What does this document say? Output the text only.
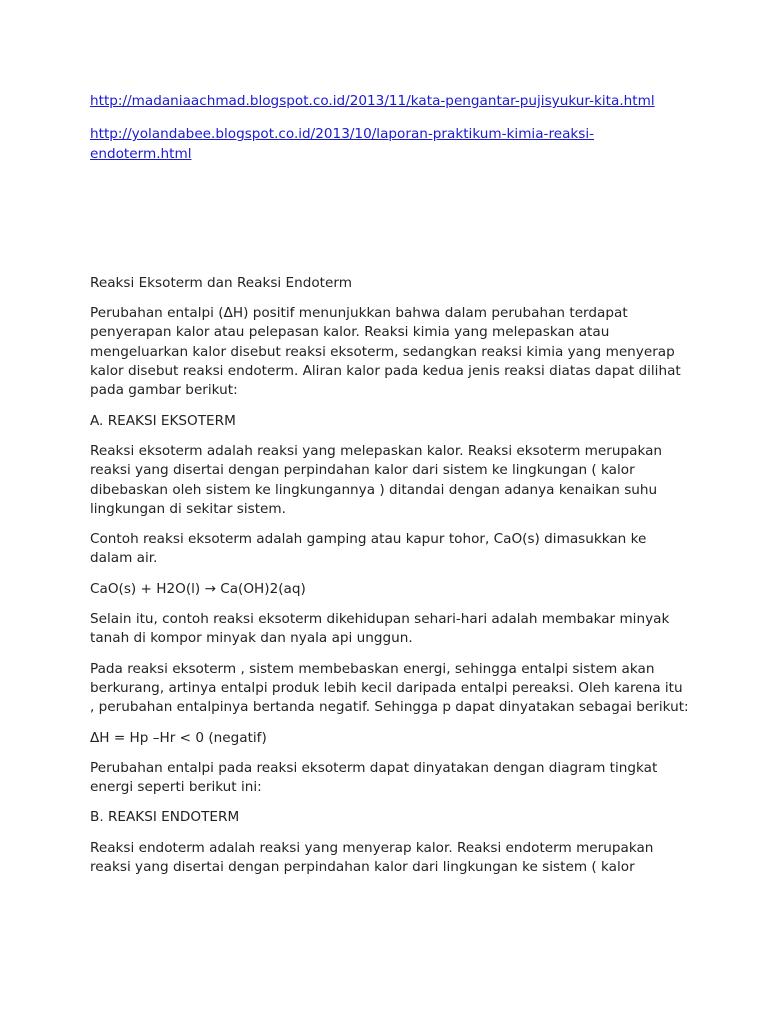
http://madaniaachmad.blogspot.co.id/2013/11/kata-pengantar-pujisyukur-kita.html
http://yolandabee.blogspot.co.id/2013/10/laporan-praktikum-kimia-reaksi-endoterm.html

Reaksi Eksoterm dan Reaksi Endoterm

Perubahan entalpi (ΔH) positif menunjukkan bahwa dalam perubahan terdapat penyerapan kalor atau pelepasan kalor. Reaksi kimia yang melepaskan atau mengeluarkan kalor disebut reaksi eksoterm, sedangkan reaksi kimia yang menyerap kalor disebut reaksi endoterm. Aliran kalor pada kedua jenis reaksi diatas dapat dilihat pada gambar berikut:

A. REAKSI EKSOTERM

Reaksi eksoterm adalah reaksi yang melepaskan kalor. Reaksi eksoterm merupakan reaksi yang disertai dengan perpindahan kalor dari sistem ke lingkungan ( kalor dibebaskan oleh sistem ke lingkungannya ) ditandai dengan adanya kenaikan suhu lingkungan di sekitar sistem.

Contoh reaksi eksoterm adalah gamping atau kapur tohor, CaO(s) dimasukkan ke dalam air.

CaO(s) + H2O(l) → Ca(OH)2(aq)

Selain itu, contoh reaksi eksoterm dikehidupan sehari-hari adalah membakar minyak tanah di kompor minyak dan nyala api unggun.

Pada reaksi eksoterm , sistem membebaskan energi, sehingga entalpi sistem akan berkurang, artinya entalpi produk lebih kecil daripada entalpi pereaksi. Oleh karena itu , perubahan entalpinya bertanda negatif. Sehingga p dapat dinyatakan sebagai berikut:

ΔH = Hp –Hr < 0 (negatif)

Perubahan entalpi pada reaksi eksoterm dapat dinyatakan dengan diagram tingkat energi seperti berikut ini:

B. REAKSI ENDOTERM

Reaksi endoterm adalah reaksi yang menyerap kalor. Reaksi endoterm merupakan reaksi yang disertai dengan perpindahan kalor dari lingkungan ke sistem ( kalor
